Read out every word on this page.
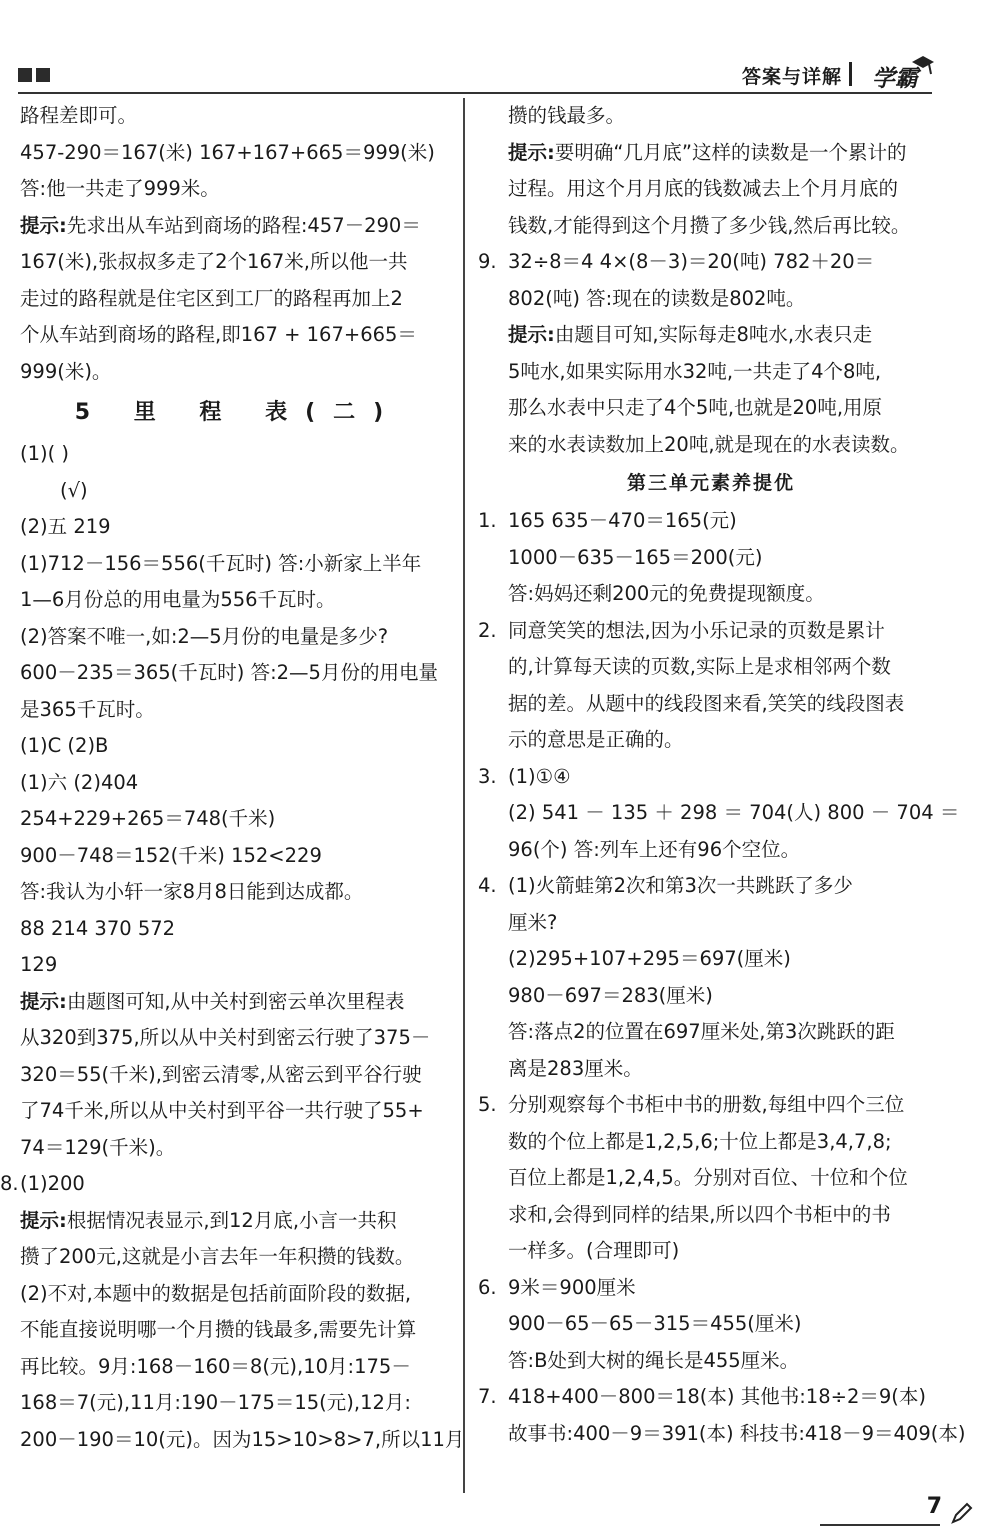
答案与详解 学霸
路程差即可。
457-290＝167(米) 167+167+665＝999(米)
答:他一共走了999米。
提示:先求出从车站到商场的路程:457－290＝
167(米),张叔叔多走了2个167米,所以他一共
走过的路程就是住宅区到工厂的路程再加上2
个从车站到商场的路程,即167 + 167+665＝
999(米)。
5 里 程 表(二)
(1)( )
(√)
(2)五 219
(1)712－156＝556(千瓦时) 答:小新家上半年
1—6月份总的用电量为556千瓦时。
(2)答案不唯一,如:2—5月份的电量是多少?
600－235＝365(千瓦时) 答:2—5月份的用电量
是365千瓦时。
(1)C (2)B
(1)六 (2)404
254+229+265＝748(千米)
900－748＝152(千米) 152<229
答:我认为小轩一家8月8日能到达成都。
88 214 370 572
129
提示:由题图可知,从中关村到密云单次里程表
从320到375,所以从中关村到密云行驶了375－
320＝55(千米),到密云清零,从密云到平谷行驶
了74千米,所以从中关村到平谷一共行驶了55+
74＝129(千米)。
8. (1)200
提示:根据情况表显示,到12月底,小言一共积
攒了200元,这就是小言去年一年积攒的钱数。
(2)不对,本题中的数据是包括前面阶段的数据,
不能直接说明哪一个月攒的钱最多,需要先计算
再比较。9月:168－160＝8(元),10月:175－
168＝7(元),11月:190－175＝15(元),12月:
200－190＝10(元)。因为15>10>8>7,所以11月
攒的钱最多。
提示:要明确“几月底”这样的读数是一个累计的
过程。用这个月月底的钱数减去上个月月底的
钱数,才能得到这个月攒了多少钱,然后再比较。
9. 32÷8＝4 4×(8－3)＝20(吨) 782＋20＝
802(吨) 答:现在的读数是802吨。
提示:由题目可知,实际每走8吨水,水表只走
5吨水,如果实际用水32吨,一共走了4个8吨,
那么水表中只走了4个5吨,也就是20吨,用原
来的水表读数加上20吨,就是现在的水表读数。
第三单元素养提优
1. 165 635－470＝165(元)
1000－635－165＝200(元)
答:妈妈还剩200元的免费提现额度。
2. 同意笑笑的想法,因为小乐记录的页数是累计
的,计算每天读的页数,实际上是求相邻两个数
据的差。从题中的线段图来看,笑笑的线段图表
示的意思是正确的。
3. (1)①④
(2) 541 － 135 ＋ 298 ＝ 704(人) 800 － 704 ＝
96(个) 答:列车上还有96个空位。
4. (1)火箭蛙第2次和第3次一共跳跃了多少
厘米?
(2)295+107+295＝697(厘米)
980－697＝283(厘米)
答:落点2的位置在697厘米处,第3次跳跃的距
离是283厘米。
5. 分别观察每个书柜中书的册数,每组中四个三位
数的个位上都是1,2,5,6;十位上都是3,4,7,8;
百位上都是1,2,4,5。分别对百位、十位和个位
求和,会得到同样的结果,所以四个书柜中的书
一样多。(合理即可)
6. 9米＝900厘米
900－65－65－315＝455(厘米)
答:B处到大树的绳长是455厘米。
7. 418+400－800＝18(本) 其他书:18÷2＝9(本)
故事书:400－9＝391(本) 科技书:418－9＝409(本)
7
